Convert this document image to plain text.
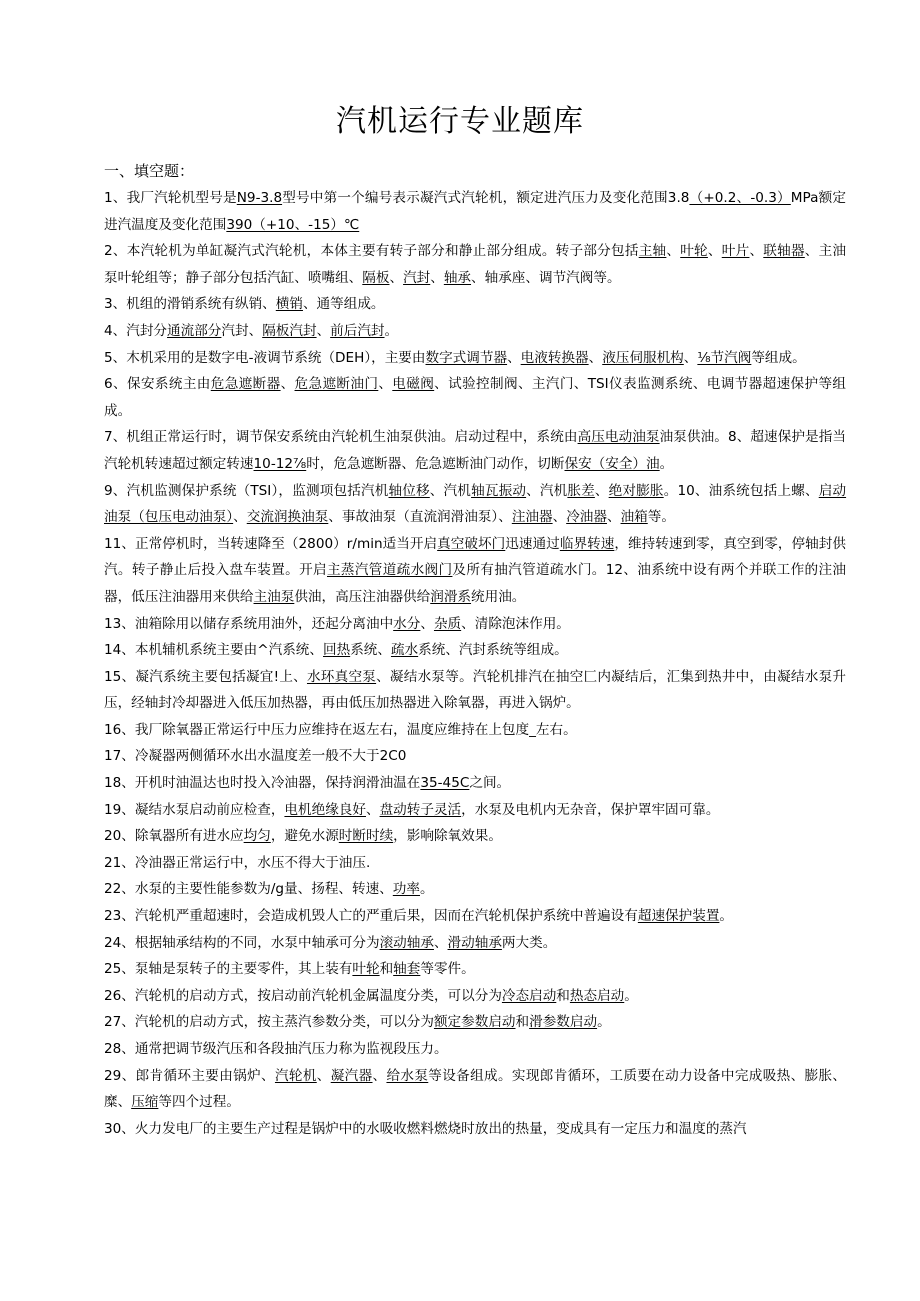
汽机运行专业题库
一、填空题：

1、我厂汽轮机型号是N9-3.8型号中第一个编号表示凝汽式汽轮机，额定进汽压力及变化范围3.8（+0.2、-0.3）MPa额定进汽温度及变化范围390（+10、-15）℃

2、本汽轮机为单缸凝汽式汽轮机，本体主要有转子部分和静止部分组成。转子部分包括主轴、叶轮、叶片、联轴器、主油泵叶轮组等；静子部分包括汽缸、喷嘴组、隔板、汽封、轴承、轴承座、调节汽阀等。

3、机组的滑销系统有纵销、横销、通等组成。

4、汽封分通流部分汽封、隔板汽封、前后汽封。

5、木机采用的是数字电-液调节系统（DEH），主要由数字式调节器、电液转换器、液压伺服机构、⅛节汽阀等组成。

6、保安系统主由危急遮断器、危急遮断油门、电磁阀、试验控制阀、主汽门、TSI仪表监测系统、电调节器超速保护等组成。

7、机组正常运行时，调节保安系统由汽轮机生油泵供油。启动过程中，系统由高压电动油泵油泵供油。8、超速保护是指当汽轮机转速超过额定转速10-12⅞时，危急遮断器、危急遮断油门动作，切断保安（安全）油。

9、汽机监测保护系统（TSI），监测项包括汽机轴位移、汽机轴瓦振动、汽机胀差、绝对膨胀。10、油系统包括上螺、启动油泵（包压电动油泵）、交流润换油泵、事故油泵（直流润滑油泵）、注油器、冷油器、油箱等。

11、正常停机时，当转速降至（2800）r/min适当开启真空破坏门迅速通过临界转速，维持转速到零，真空到零，停轴封供汽。转子静止后投入盘车装置。开启主蒸汽管道疏水阀门及所有抽汽管道疏水门。12、油系统中设有两个并联工作的注油器，低压注油器用来供给主油泵供油，高压注油器供给润滑系统用油。

13、油箱除用以储存系统用油外，还起分离油中水分、杂质、清除泡沫作用。

14、本机辅机系统主要由^汽系统、回热系统、疏水系统、汽封系统等组成。

15、凝汽系统主要包括凝宜!上、水环真空泵、凝结水泵等。汽轮机排汽在抽空匚内凝结后，汇集到热井中，由凝结水泵升压，经轴封冷却器进入低压加热器，再由低压加热器进入除氧器，再进入锅炉。

16、我厂除氧器正常运行中压力应维持在返左右，温度应维持在上包度_左右。

17、冷凝器两侧循环水出水温度差一般不大于2C0

18、开机时油温达也时投入冷油器，保持润滑油温在35-45C之间。

19、凝结水泵启动前应检查，电机绝缘良好、盘动转子灵活，水泵及电机内无杂音，保护罩牢固可靠。

20、除氧器所有进水应均匀，避免水源时断时续，影响除氧效果。

21、冷油器正常运行中，水压不得大于油压.

22、水泵的主要性能参数为/g量、扬程、转速、功率。

23、汽轮机严重超速时，会造成机毁人亡的严重后果，因而在汽轮机保护系统中普遍设有超速保护装置。

24、根据轴承结构的不同，水泵中轴承可分为滚动轴承、滑动轴承两大类。

25、泵轴是泵转子的主要零件，其上装有叶轮和轴套等零件。

26、汽轮机的启动方式，按启动前汽轮机金属温度分类，可以分为冷态启动和热态启动。

27、汽轮机的启动方式，按主蒸汽参数分类，可以分为额定参数启动和滑参数启动。

28、通常把调节级汽压和各段抽汽压力称为监视段压力。

29、郎肯循环主要由锅炉、汽轮机、凝汽器、给水泵等设备组成。实现郎肯循环，工质要在动力设备中完成吸热、膨胀、糜、压缩等四个过程。

30、火力发电厂的主要生产过程是锅炉中的水吸收燃料燃烧时放出的热量，变成具有一定压力和温度的蒸汽
